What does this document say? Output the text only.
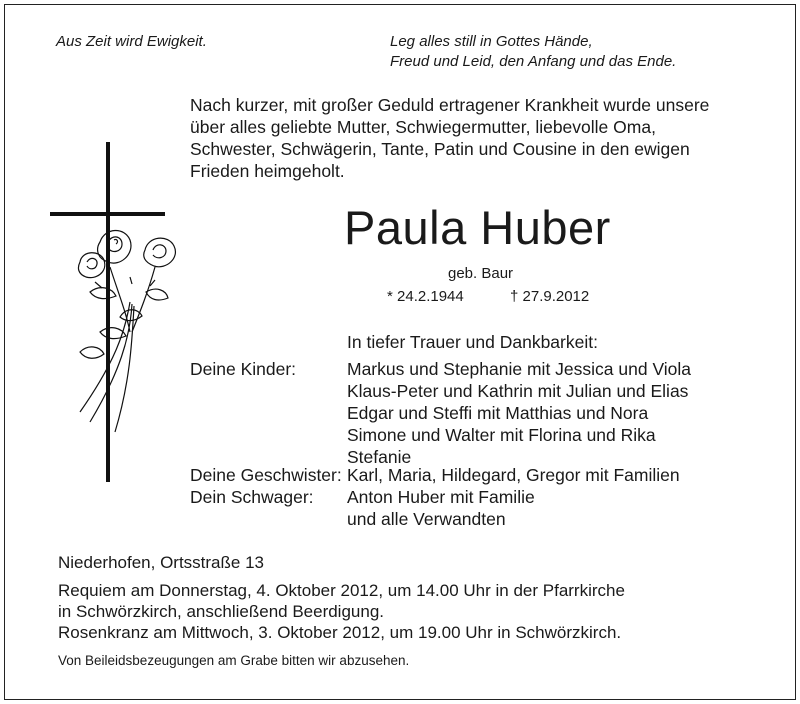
Aus Zeit wird Ewigkeit.	Leg alles still in Gottes Hände,
Freud und Leid, den Anfang und das Ende.
Nach kurzer, mit großer Geduld ertragener Krankheit wurde unsere
über alles geliebte Mutter, Schwiegermutter, liebevolle Oma,
Schwester, Schwägerin, Tante, Patin und Cousine in den ewigen
Frieden heimgeholt.
Paula Huber
geb. Baur
* 24.2.1944	† 27.9.2012
In tiefer Trauer und Dankbarkeit:
Deine Kinder:	Markus und Stephanie mit Jessica und Viola
Klaus-Peter und Kathrin mit Julian und Elias
Edgar und Steffi mit Matthias und Nora
Simone und Walter mit Florina und Rika
Stefanie
Deine Geschwister: Karl, Maria, Hildegard, Gregor mit Familien
Dein Schwager: Anton Huber mit Familie
und alle Verwandten
Niederhofen, Ortsstraße 13
Requiem am Donnerstag, 4. Oktober 2012, um 14.00 Uhr in der Pfarrkirche
in Schwörzkirch, anschließend Beerdigung.
Rosenkranz am Mittwoch, 3. Oktober 2012, um 19.00 Uhr in Schwörzkirch.
Von Beileidsbezeugungen am Grabe bitten wir abzusehen.
